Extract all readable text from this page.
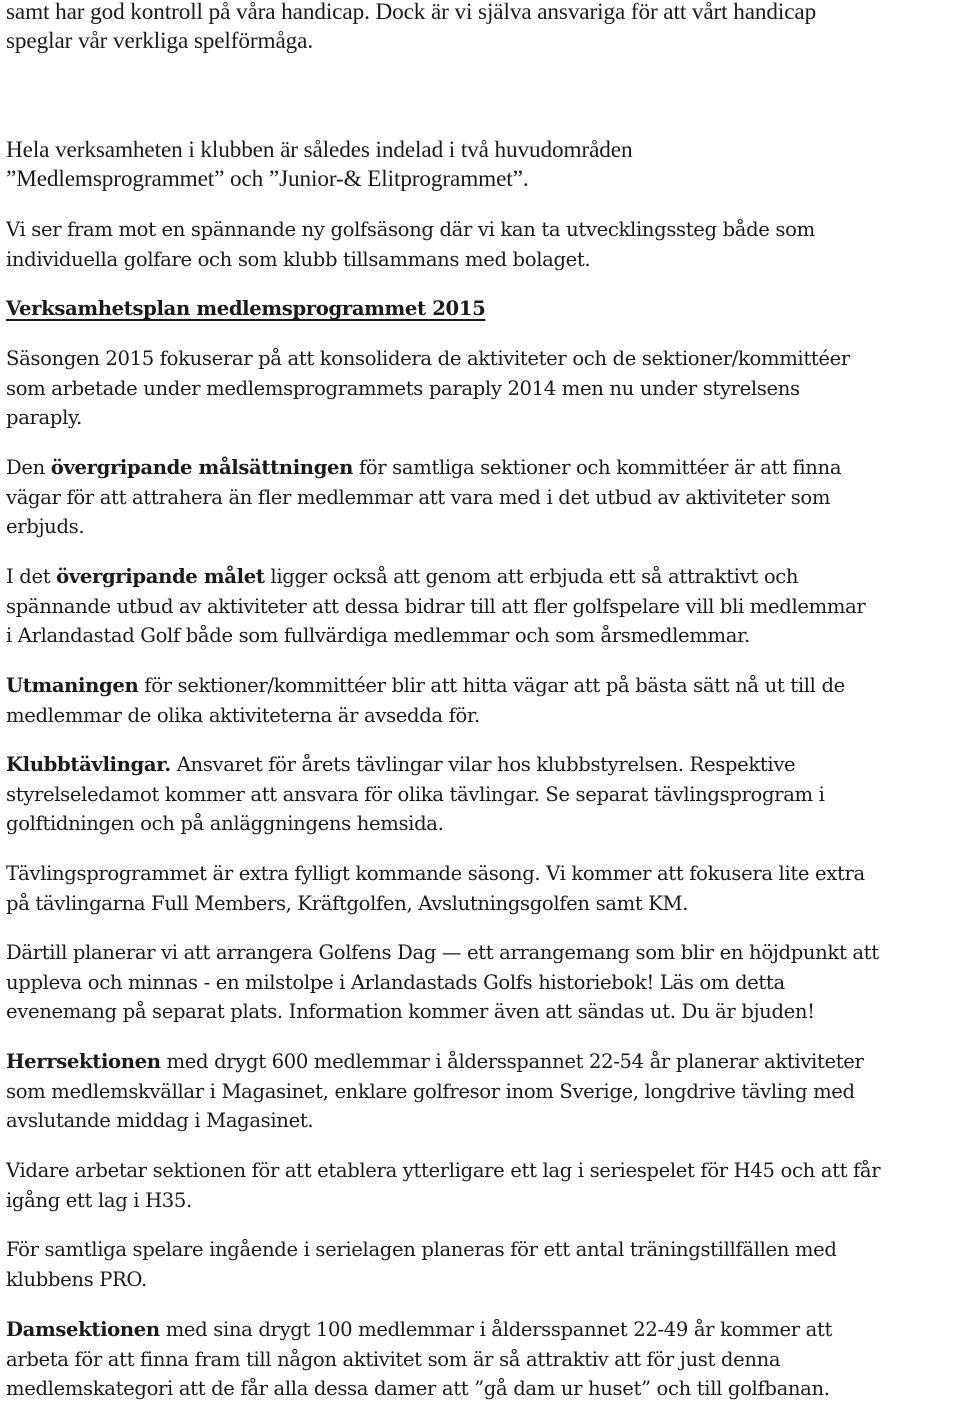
samt har god kontroll på våra handicap. Dock är vi själva ansvariga för att vårt handicap
speglar vår verkliga spelförmåga.

Hela verksamheten i klubben är således indelad i två huvudområden
”Medlemsprogrammet” och ”Junior-& Elitprogrammet”.

Vi ser fram mot en spännande ny golfsäsong där vi kan ta utvecklingssteg både som
individuella golfare och som klubb tillsammans med bolaget.

Verksamhetsplan medlemsprogrammet 2015

Säsongen 2015 fokuserar på att konsolidera de aktiviteter och de sektioner/kommittéer
som arbetade under medlemsprogrammets paraply 2014 men nu under styrelsens
paraply.

Den övergripande målsättningen för samtliga sektioner och kommittéer är att finna
vägar för att attrahera än fler medlemmar att vara med i det utbud av aktiviteter som
erbjuds.

I det övergripande målet ligger också att genom att erbjuda ett så attraktivt och
spännande utbud av aktiviteter att dessa bidrar till att fler golfspelare vill bli medlemmar
i Arlandastad Golf både som fullvärdiga medlemmar och som årsmedlemmar.

Utmaningen för sektioner/kommittéer blir att hitta vägar att på bästa sätt nå ut till de
medlemmar de olika aktiviteterna är avsedda för.

Klubbtävlingar. Ansvaret för årets tävlingar vilar hos klubbstyrelsen. Respektive
styrelseledamot kommer att ansvara för olika tävlingar. Se separat tävlingsprogram i
golftidningen och på anläggningens hemsida.

Tävlingsprogrammet är extra fylligt kommande säsong. Vi kommer att fokusera lite extra
på tävlingarna Full Members, Kräftgolfen, Avslutningsgolfen samt KM.

Därtill planerar vi att arrangera Golfens Dag — ett arrangemang som blir en höjdpunkt att
uppleva och minnas - en milstolpe i Arlandastads Golfs historiebok! Läs om detta
evenemang på separat plats. Information kommer även att sändas ut. Du är bjuden!

Herrsektionen med drygt 600 medlemmar i åldersspannet 22-54 år planerar aktiviteter
som medlemskvällar i Magasinet, enklare golfresor inom Sverige, longdrive tävling med
avslutande middag i Magasinet.

Vidare arbetar sektionen för att etablera ytterligare ett lag i seriespelet för H45 och att får
igång ett lag i H35.

För samtliga spelare ingående i serielagen planeras för ett antal träningstillfällen med
klubbens PRO.

Damsektionen med sina drygt 100 medlemmar i åldersspannet 22-49 år kommer att
arbeta för att finna fram till någon aktivitet som är så attraktiv att för just denna
medlemskategori att de får alla dessa damer att ”gå dam ur huset” och till golfbanan.
